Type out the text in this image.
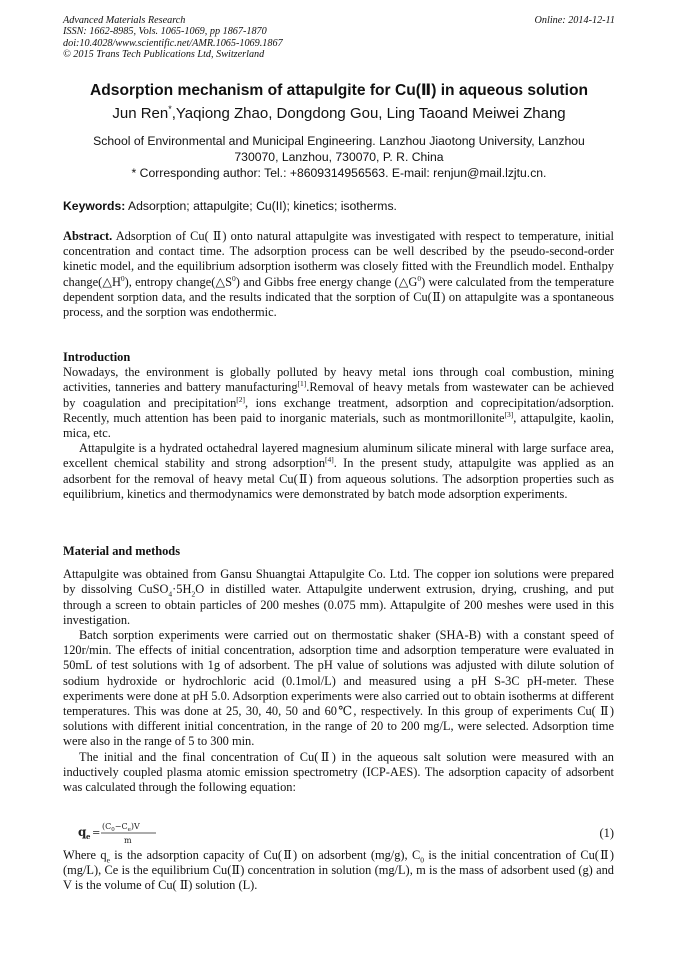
Advanced Materials Research
ISSN: 1662-8985, Vols. 1065-1069, pp 1867-1870
doi:10.4028/www.scientific.net/AMR.1065-1069.1867
© 2015 Trans Tech Publications Ltd, Switzerland
Online: 2014-12-11
Adsorption mechanism of attapulgite for Cu(Ⅱ) in aqueous solution
Jun Ren*,Yaqiong Zhao, Dongdong Gou, Ling Taoand Meiwei Zhang
School of Environmental and Municipal Engineering. Lanzhou Jiaotong University, Lanzhou
730070, Lanzhou, 730070, P. R. China
* Corresponding author: Tel.: +8609314956563. E-mail: renjun@mail.lzjtu.cn.
Keywords: Adsorption; attapulgite; Cu(II); kinetics; isotherms.

Abstract. Adsorption of Cu( Ⅱ) onto natural attapulgite was investigated with respect to temperature, initial concentration and contact time. The adsorption process can be well described by the pseudo-second-order kinetic model, and the equilibrium adsorption isotherm was closely fitted with the Freundlich model. Enthalpy $change(\triangle H^0)$, entropy $change(\triangle S^0)$ and Gibbs free energy change $(\triangle G^0)$ were calculated from the temperature dependent sorption data, and the results indicated that the sorption of Cu(Ⅱ) on attapulgite was a spontaneous process, and the sorption was endothermic.

Introduction

Nowadays, the environment is globally polluted by heavy metal ions through coal combustion, mining activities, tanneries and battery manufacturing[1].Removal of heavy metals from wastewater can be achieved by coagulation and precipitation[2], ions exchange treatment, adsorption and coprecipitation/adsorption. Recently, much attention has been paid to inorganic materials, such as montmorillonite[3], attapulgite, kaolin, mica, etc.

Attapulgite is a hydrated octahedral layered magnesium aluminum silicate mineral with large surface area, excellent chemical stability and strong adsorption[4]. In the present study, attapulgite was applied as an adsorbent for the removal of heavy metal Cu(Ⅱ) from aqueous solutions. The adsorption properties such as equilibrium, kinetics and thermodynamics were demonstrated by batch mode adsorption experiments.

Material and methods

Attapulgite was obtained from Gansu Shuangtai Attapulgite Co. Ltd. The copper ion solutions were prepared by dissolving $CuSO_4\cdot 5H_2O$ in distilled water. Attapulgite underwent extrusion, drying, crushing, and put through a screen to obtain particles of 200 meshes (0.075 mm). Attapulgite of 200 meshes were used in this investigation.

Batch sorption experiments were carried out on thermostatic shaker (SHA-B) with a constant speed of 120r/min. The effects of initial concentration, adsorption time and adsorption temperature were evaluated in 50mL of test solutions with 1g of adsorbent. The pH value of solutions was adjusted with dilute solution of sodium hydroxide or hydrochloric acid (0.1mol/L) and measured using a pH S-3C pH-meter. These experiments were done at pH 5.0. Adsorption experiments were also carried out to obtain isotherms at different temperatures. This was done at 25, 30, 40, 50 and 60℃, respectively. In this group of experiments Cu( Ⅱ) solutions with different initial concentration, in the range of 20 to 200 mg/L, were selected. Adsorption time were also in the range of 5 to 300 min.

The initial and the final concentration of Cu(Ⅱ) in the aqueous salt solution were measured with an inductively coupled plasma atomic emission spectrometry (ICP-AES). The adsorption capacity of adsorbent was calculated through the following equation:

q e =
$(C_0-C_e)V$
m
(1)

Where $q_e$ is the adsorption capacity of Cu(Ⅱ) on adsorbent (mg/g), $C_0$ is the initial concentration of Cu(Ⅱ) (mg/L), Ce is the equilibrium Cu(Ⅱ) concentration in solution (mg/L), m is the mass of adsorbent used (g) and V is the volume of Cu( Ⅱ) solution (L).
